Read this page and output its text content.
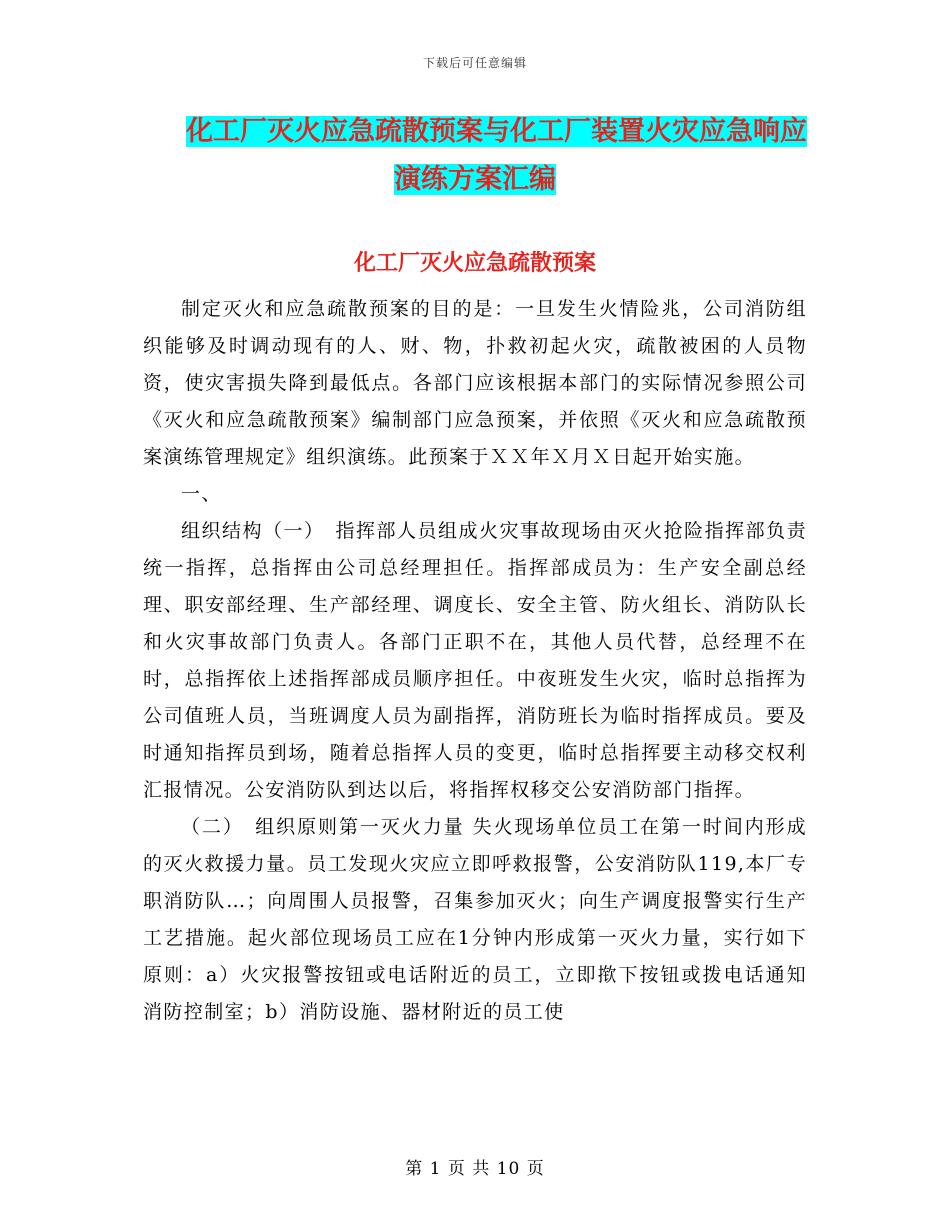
下载后可任意编辑
化工厂灭火应急疏散预案与化工厂装置火灾应急响应
演练方案汇编
化工厂灭火应急疏散预案

制定灭火和应急疏散预案的目的是：一旦发生火情险兆，公司消防组织能够及时调动现有的人、财、物，扑救初起火灾，疏散被困的人员物资，使灾害损失降到最低点。各部门应该根据本部门的实际情况参照公司《灭火和应急疏散预案》编制部门应急预案，并依照《灭火和应急疏散预案演练管理规定》组织演练。此预案于ＸＸ年Ｘ月Ｘ日起开始实施。

一、

组织结构（一）　指挥部人员组成火灾事故现场由灭火抢险指挥部负责统一指挥，总指挥由公司总经理担任。指挥部成员为：生产安全副总经理、职安部经理、生产部经理、调度长、安全主管、防火组长、消防队长和火灾事故部门负责人。各部门正职不在，其他人员代替，总经理不在时，总指挥依上述指挥部成员顺序担任。中夜班发生火灾，临时总指挥为公司值班人员，当班调度人员为副指挥，消防班长为临时指挥成员。要及时通知指挥员到场，随着总指挥人员的变更，临时总指挥要主动移交权利汇报情况。公安消防队到达以后，将指挥权移交公安消防部门指挥。

（二）　组织原则第一灭火力量 失火现场单位员工在第一时间内形成的灭火救援力量。员工发现火灾应立即呼救报警，公安消防队119,本厂专职消防队…；向周围人员报警，召集参加灭火；向生产调度报警实行生产工艺措施。起火部位现场员工应在1分钟内形成第一灭火力量，实行如下原则：a）火灾报警按钮或电话附近的员工，立即揿下按钮或拨电话通知消防控制室；b）消防设施、器材附近的员工使

第 1 页 共 10 页
